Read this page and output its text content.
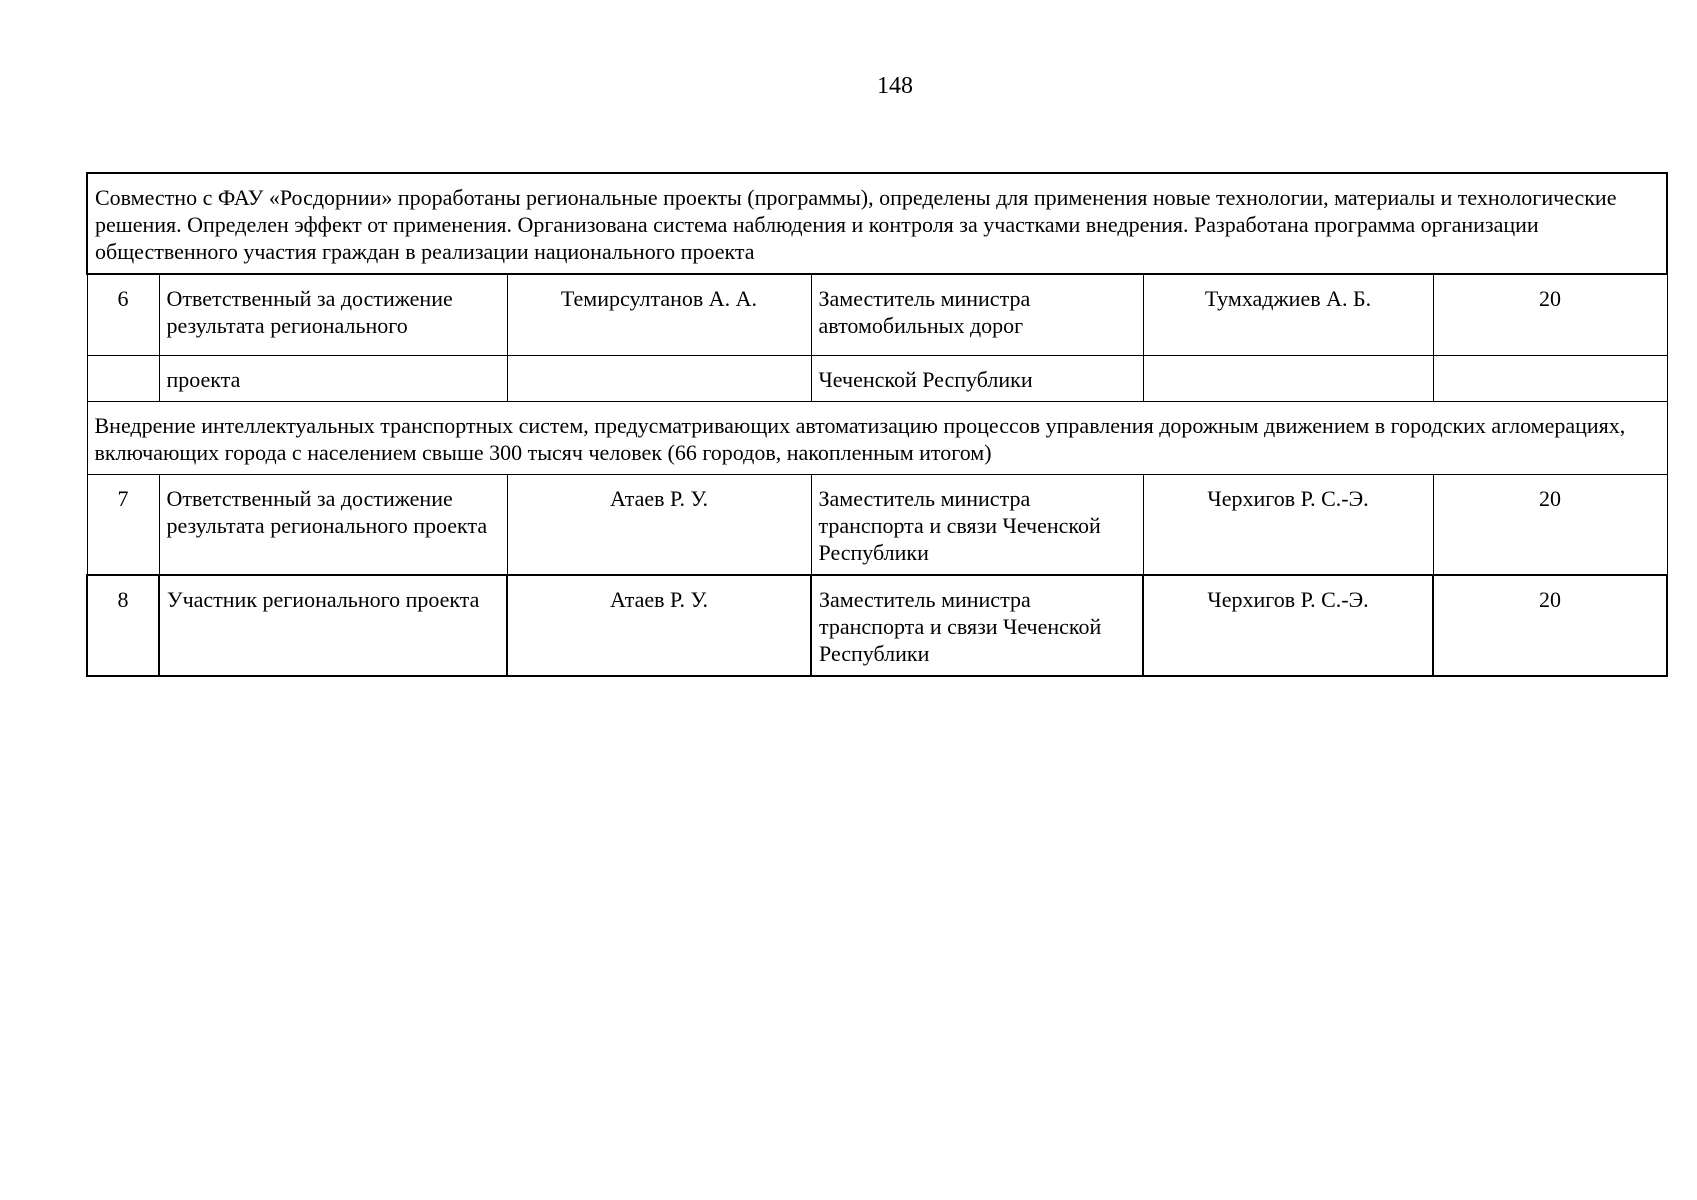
148
Совместно с ФАУ «Росдорнии» проработаны региональные проекты (программы), определены для применения новые технологии, материалы и технологические решения. Определен эффект от применения. Организована система наблюдения и контроля за участками внедрения. Разработана программа организации общественного участия граждан в реализации национального проекта					
6	Ответственный за достижение результата регионального	Темирсултанов А. А.	Заместитель министра автомобильных дорог	Тумхаджиев А. Б.	20
	проекта		Чеченской Республики		
Внедрение интеллектуальных транспортных систем, предусматривающих автоматизацию процессов управления дорожным движением в городских агломерациях, включающих города с населением свыше 300 тысяч человек (66 городов, накопленным итогом)					
7	Ответственный за достижение результата регионального проекта	Атаев Р. У.	Заместитель министра транспорта и связи Чеченской Республики	Черхигов Р. С.-Э.	20
8	Участник регионального проекта	Атаев Р. У.	Заместитель министра транспорта и связи Чеченской Республики	Черхигов Р. С.-Э.	20
